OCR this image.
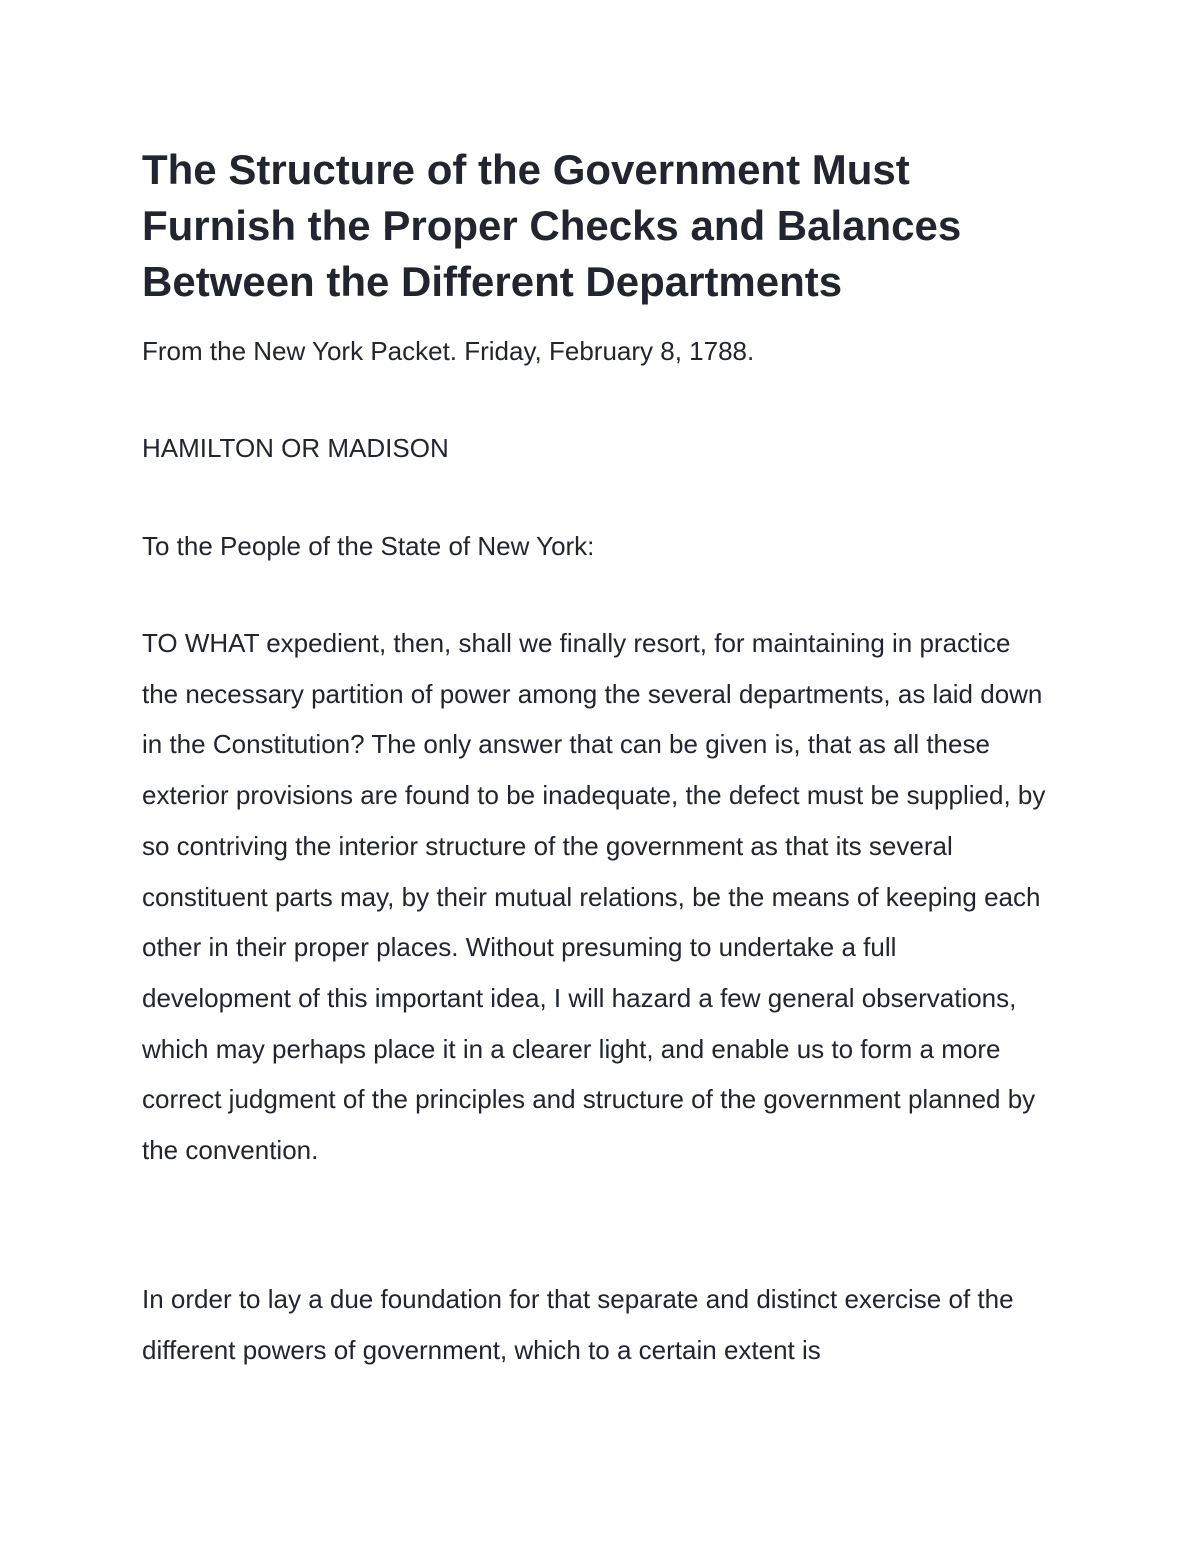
The Structure of the Government Must Furnish the Proper Checks and Balances Between the Different Departments

From the New York Packet. Friday, February 8, 1788.

HAMILTON OR MADISON

To the People of the State of New York:

TO WHAT expedient, then, shall we finally resort, for maintaining in practice the necessary partition of power among the several departments, as laid down in the Constitution? The only answer that can be given is, that as all these exterior provisions are found to be inadequate, the defect must be supplied, by so contriving the interior structure of the government as that its several constituent parts may, by their mutual relations, be the means of keeping each other in their proper places. Without presuming to undertake a full development of this important idea, I will hazard a few general observations, which may perhaps place it in a clearer light, and enable us to form a more correct judgment of the principles and structure of the government planned by the convention.

In order to lay a due foundation for that separate and distinct exercise of the different powers of government, which to a certain extent is
